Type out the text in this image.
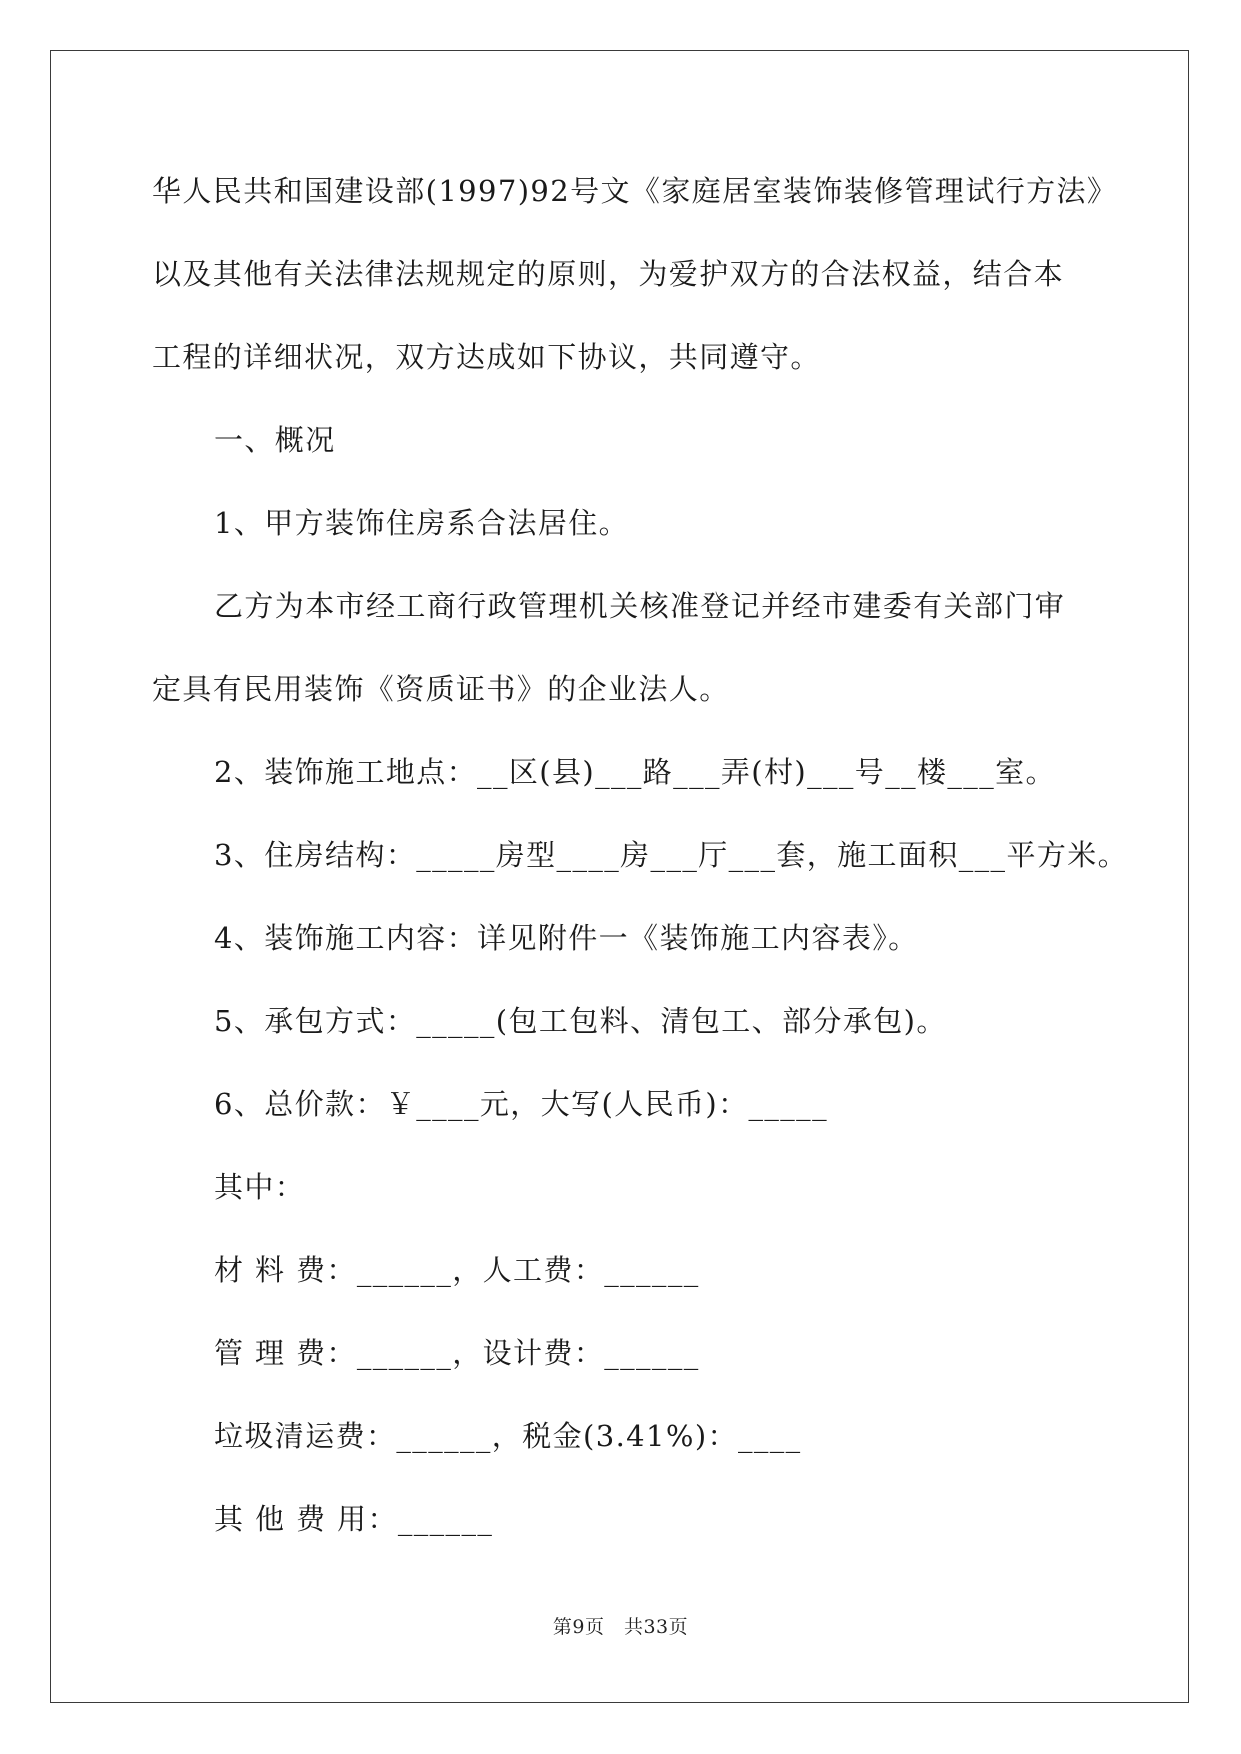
华人民共和国建设部(1997)92号文《家庭居室装饰装修管理试行方法》

以及其他有关法律法规规定的原则，为爱护双方的合法权益，结合本

工程的详细状况，双方达成如下协议，共同遵守。

一、概况

1、甲方装饰住房系合法居住。

乙方为本市经工商行政管理机关核准登记并经市建委有关部门审

定具有民用装饰《资质证书》的企业法人。

2、装饰施工地点：__区(县)___路___弄(村)___号__楼___室。

3、住房结构：_____房型____房___厅___套，施工面积___平方米。

4、装饰施工内容：详见附件一《装饰施工内容表》。

5、承包方式：_____(包工包料、清包工、部分承包)。

6、总价款：￥____元，大写(人民币)：_____

其中：

材 料 费：______，人工费：______

管 理 费：______，设计费：______

垃圾清运费：______，税金(3.41%)：____

其 他 费 用：______

第9页　共33页
